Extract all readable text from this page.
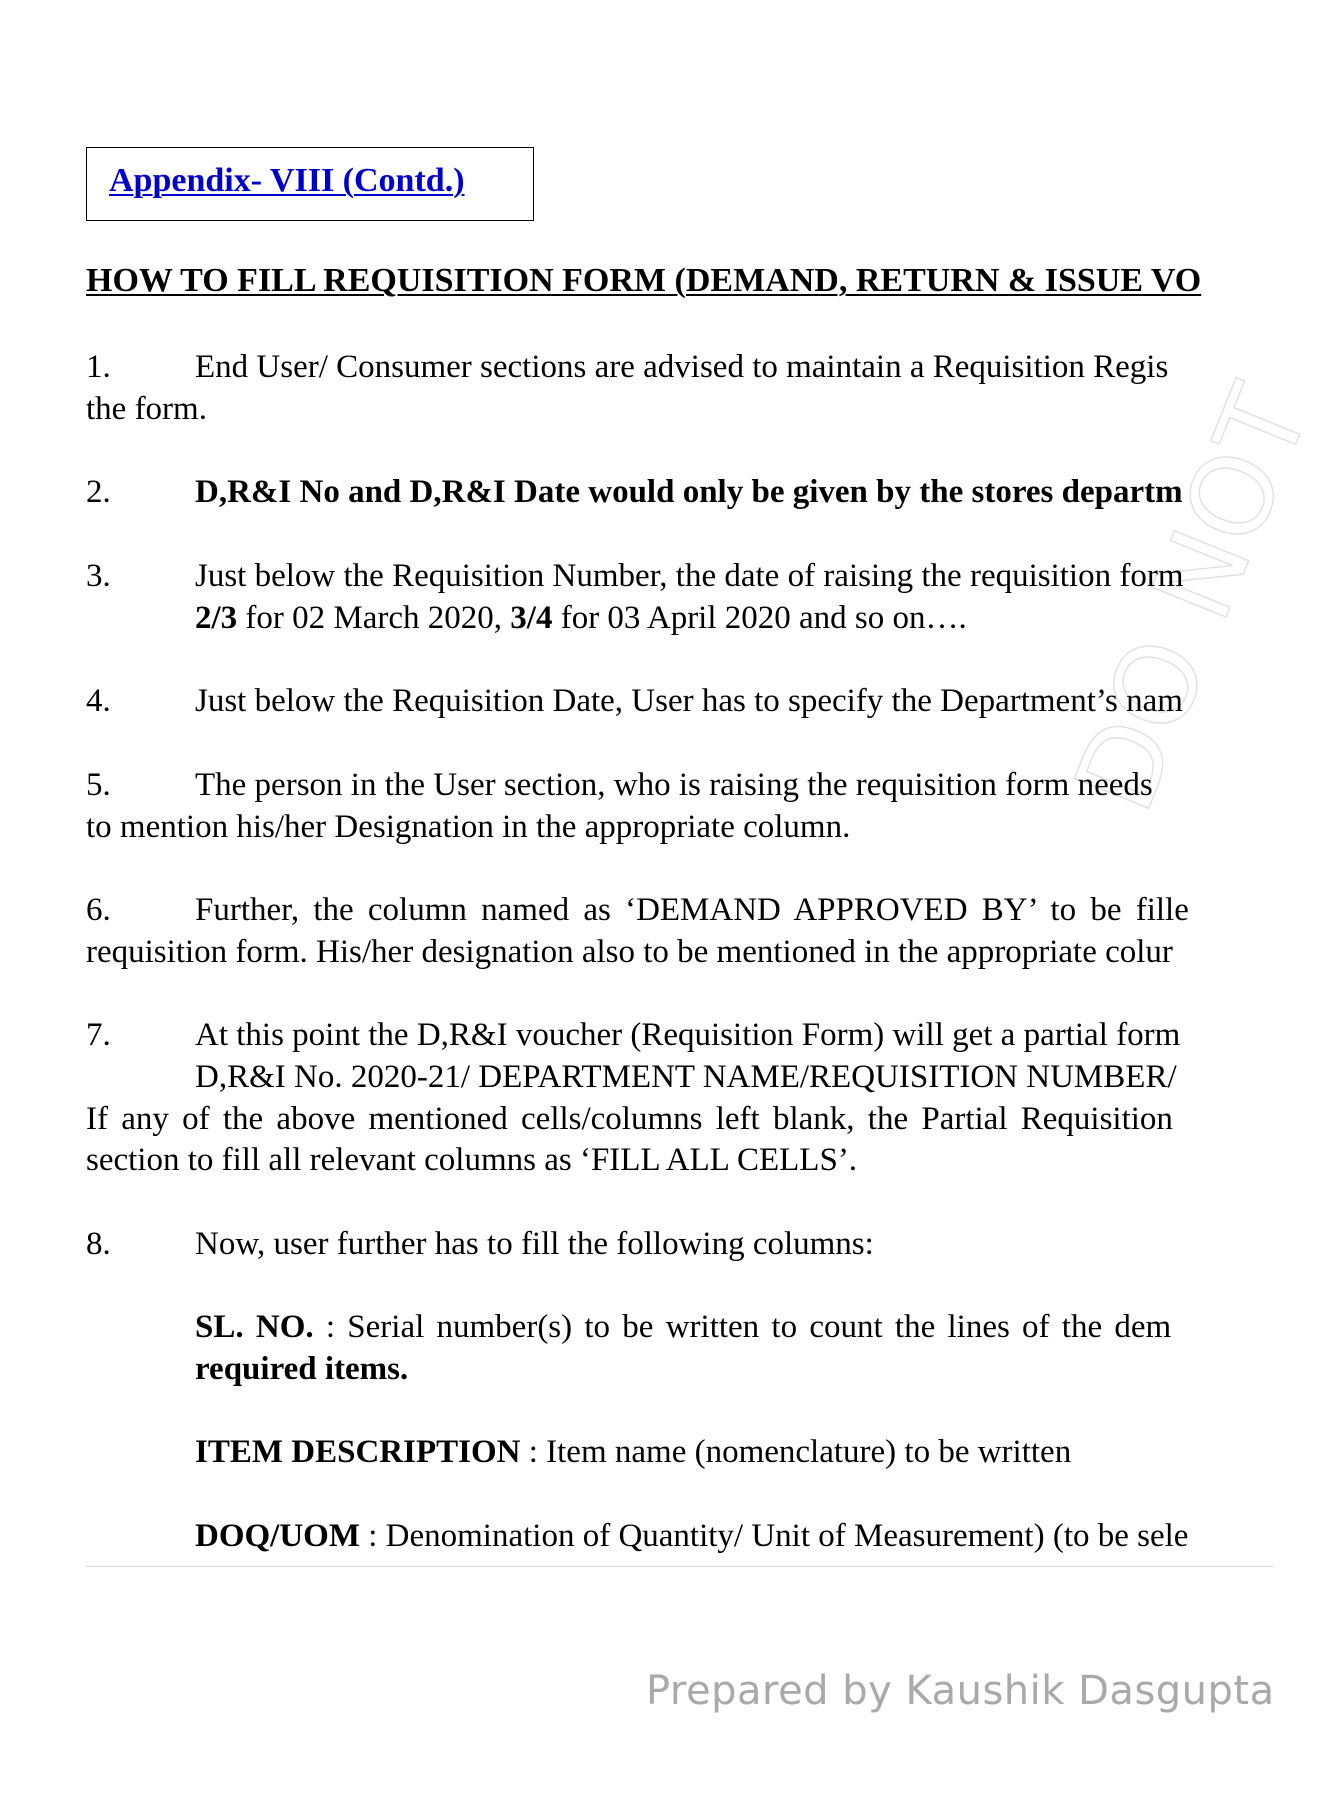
DO NOT
Appendix- VIII (Contd.)
HOW TO FILL REQUISITION FORM (DEMAND, RETURN & ISSUE VO
1.	End User/ Consumer sections are advised to maintain a Requisition Regis
the form.
2.	D,R&I No and D,R&I Date would only be given by the stores departm
3.	Just below the Requisition Number, the date of raising the requisition form
2/3 for 02 March 2020, 3/4 for 03 April 2020 and so on….
4.	Just below the Requisition Date, User has to specify the Department’s nam
5.	The person in the User section, who is raising the requisition form needs
to mention his/her Designation in the appropriate column.
6.	Further, the column named as ‘DEMAND APPROVED BY’ to be fille
requisition form. His/her designation also to be mentioned in the appropriate colur
7.	At this point the D,R&I voucher (Requisition Form) will get a partial form
D,R&I No. 2020-21/ DEPARTMENT NAME/REQUISITION NUMBER/
If any of the above mentioned cells/columns left blank, the Partial Requisition
section to fill all relevant columns as ‘FILL ALL CELLS’.
8.	Now, user further has to fill the following columns:
SL. NO. : Serial number(s) to be written to count the lines of the dem
required items.
ITEM DESCRIPTION : Item name (nomenclature) to be written
DOQ/UOM : Denomination of Quantity/ Unit of Measurement) (to be sele
Prepared by Kaushik Dasgupta
